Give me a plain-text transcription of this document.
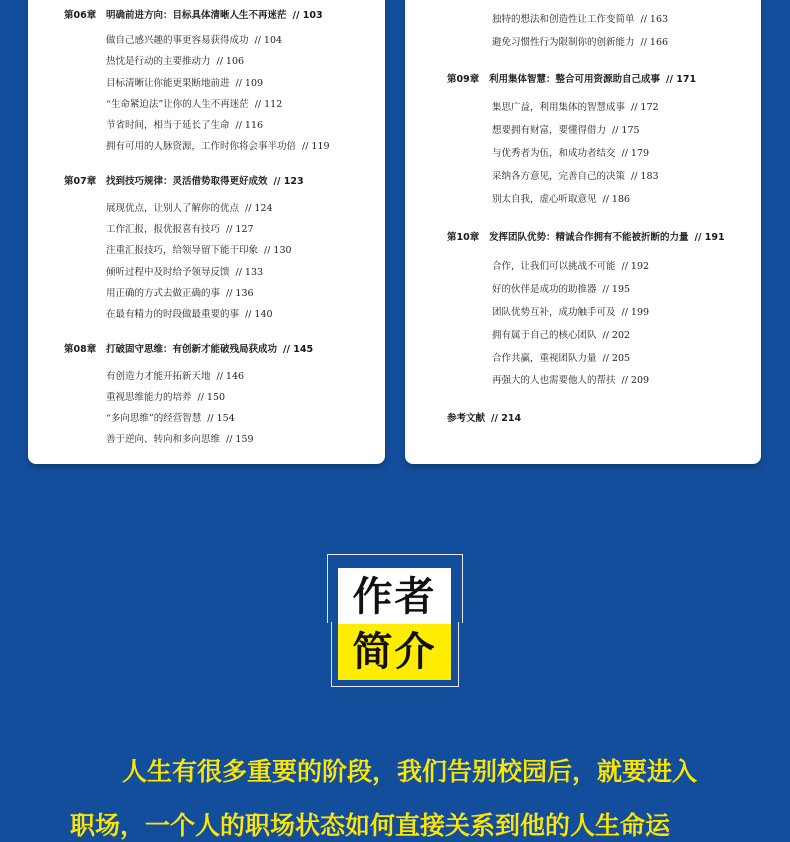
第06章 明确前进方向：目标具体清晰人生不再迷茫 // 103
做自己感兴趣的事更容易获得成功 // 104
热忱是行动的主要推动力 // 106
目标清晰让你能更果断地前进 // 109
“生命紧迫法”让你的人生不再迷茫 // 112
节省时间，相当于延长了生命 // 116
拥有可用的人脉资源，工作时你将会事半功倍 // 119
第07章 找到技巧规律：灵活借势取得更好成效 // 123
展现优点，让别人了解你的优点 // 124
工作汇报，报优报喜有技巧 // 127
注重汇报技巧，给领导留下能干印象 // 130
倾听过程中及时给予领导反馈 // 133
用正确的方式去做正确的事 // 136
在最有精力的时段做最重要的事 // 140
第08章 打破固守思维：有创新才能破残局获成功 // 145
有创造力才能开拓新天地 // 146
重视思维能力的培养 // 150
“多向思维”的经营智慧 // 154
善于逆向、转向和多向思维 // 159
独特的想法和创造性让工作变简单 // 163
避免习惯性行为限制你的创新能力 // 166
第09章 利用集体智慧：整合可用资源助自己成事 // 171
集思广益，利用集体的智慧成事 // 172
想要拥有财富，要懂得借力 // 175
与优秀者为伍，和成功者结交 // 179
采纳各方意见，完善自己的决策 // 183
别太自我，虚心听取意见 // 186
第10章 发挥团队优势：精诚合作拥有不能被折断的力量 // 191
合作，让我们可以挑战不可能 // 192
好的伙伴是成功的助推器 // 195
团队优势互补，成功触手可及 // 199
拥有属于自己的核心团队 // 202
合作共赢，重视团队力量 // 205
再强大的人也需要他人的帮扶 // 209
参考文献 // 214
作者
简介
人生有很多重要的阶段，我们告别校园后，就要进入
职场，一个人的职场状态如何直接关系到他的人生命运
